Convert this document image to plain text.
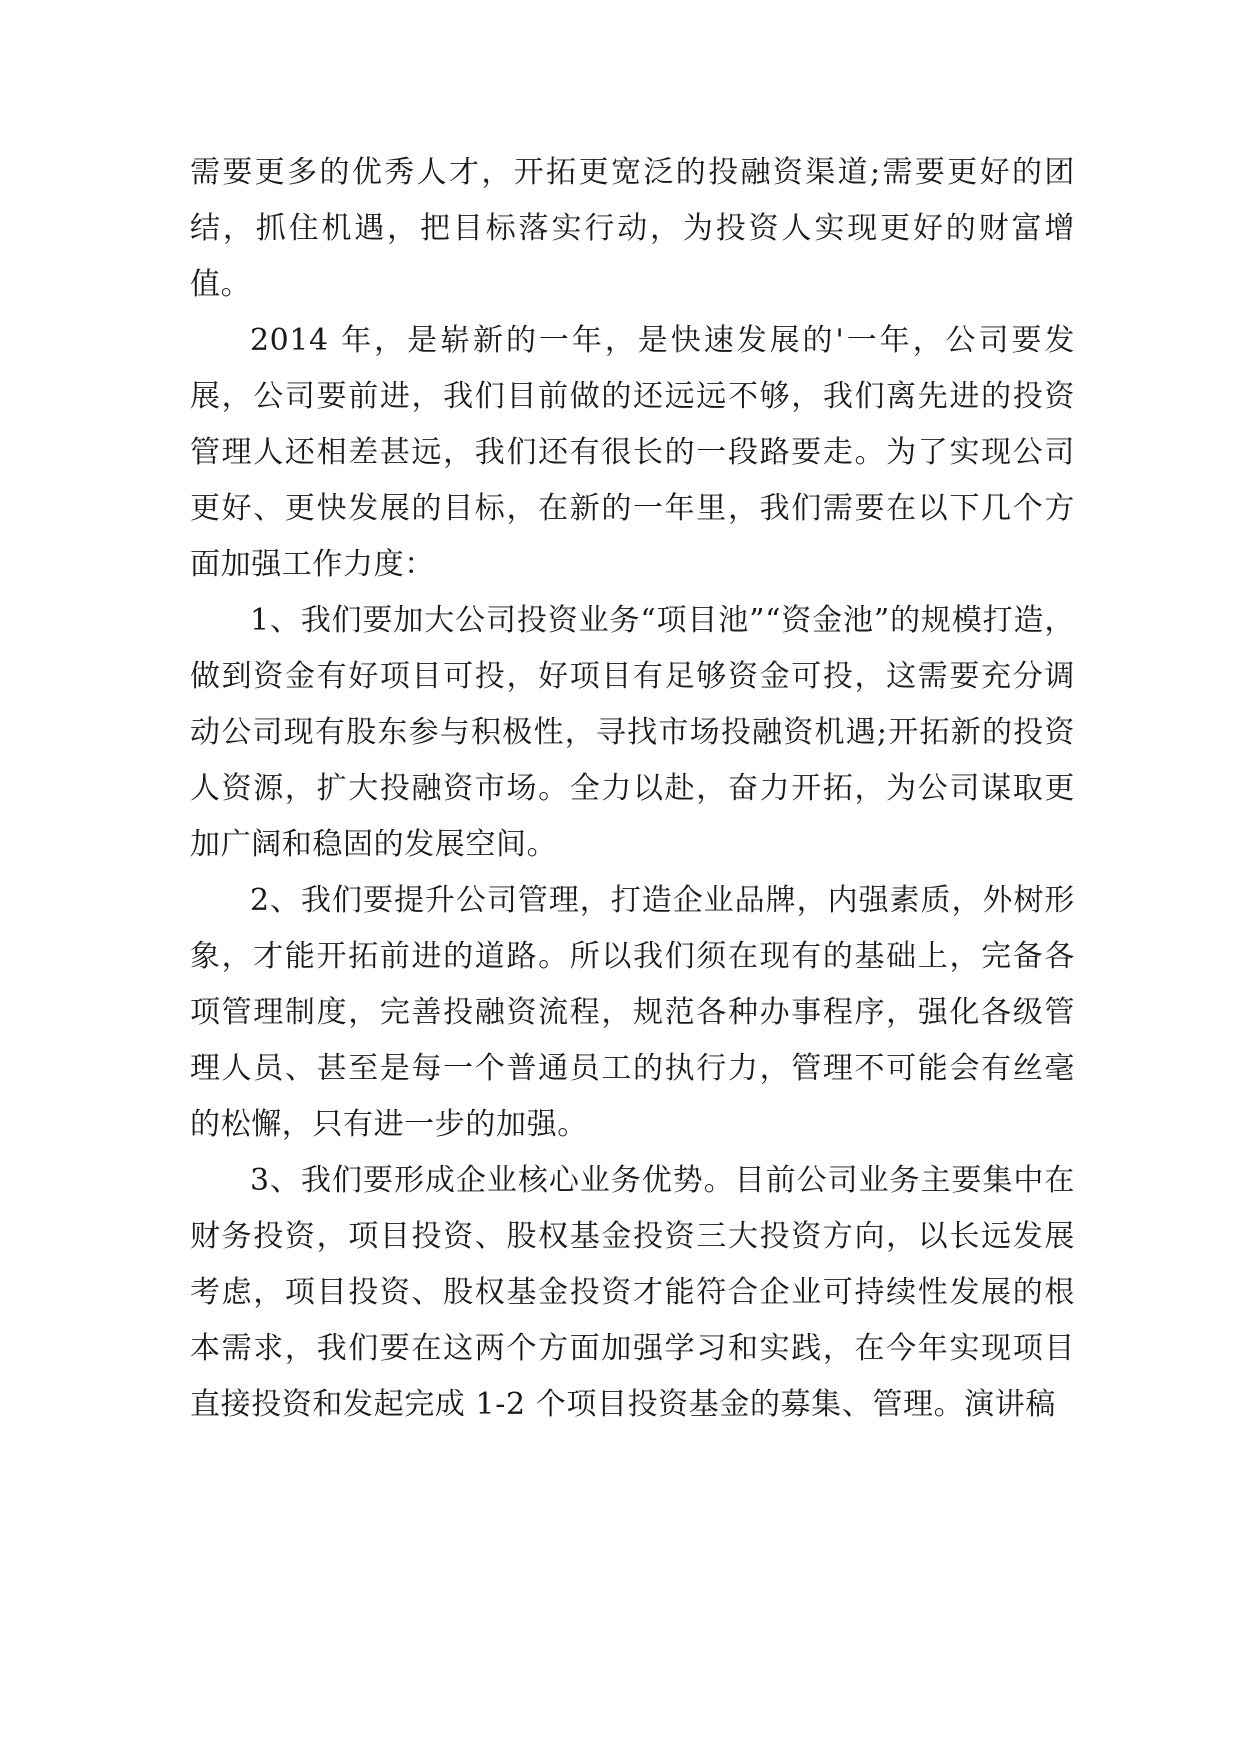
需要更多的优秀人才，开拓更宽泛的投融资渠道;需要更好的团结，抓住机遇，把目标落实行动，为投资人实现更好的财富增值。

2014 年，是崭新的一年，是快速发展的'一年，公司要发展，公司要前进，我们目前做的还远远不够，我们离先进的投资管理人还相差甚远，我们还有很长的一段路要走。为了实现公司更好、更快发展的目标，在新的一年里，我们需要在以下几个方面加强工作力度：

1、我们要加大公司投资业务“项目池”“资金池”的规模打造，做到资金有好项目可投，好项目有足够资金可投，这需要充分调动公司现有股东参与积极性，寻找市场投融资机遇;开拓新的投资人资源，扩大投融资市场。全力以赴，奋力开拓，为公司谋取更加广阔和稳固的发展空间。

2、我们要提升公司管理，打造企业品牌，内强素质，外树形象，才能开拓前进的道路。所以我们须在现有的基础上，完备各项管理制度，完善投融资流程，规范各种办事程序，强化各级管理人员、甚至是每一个普通员工的执行力，管理不可能会有丝毫的松懈，只有进一步的加强。

3、我们要形成企业核心业务优势。目前公司业务主要集中在财务投资，项目投资、股权基金投资三大投资方向，以长远发展考虑，项目投资、股权基金投资才能符合企业可持续性发展的根本需求，我们要在这两个方面加强学习和实践，在今年实现项目直接投资和发起完成 1-2 个项目投资基金的募集、管理。演讲稿
